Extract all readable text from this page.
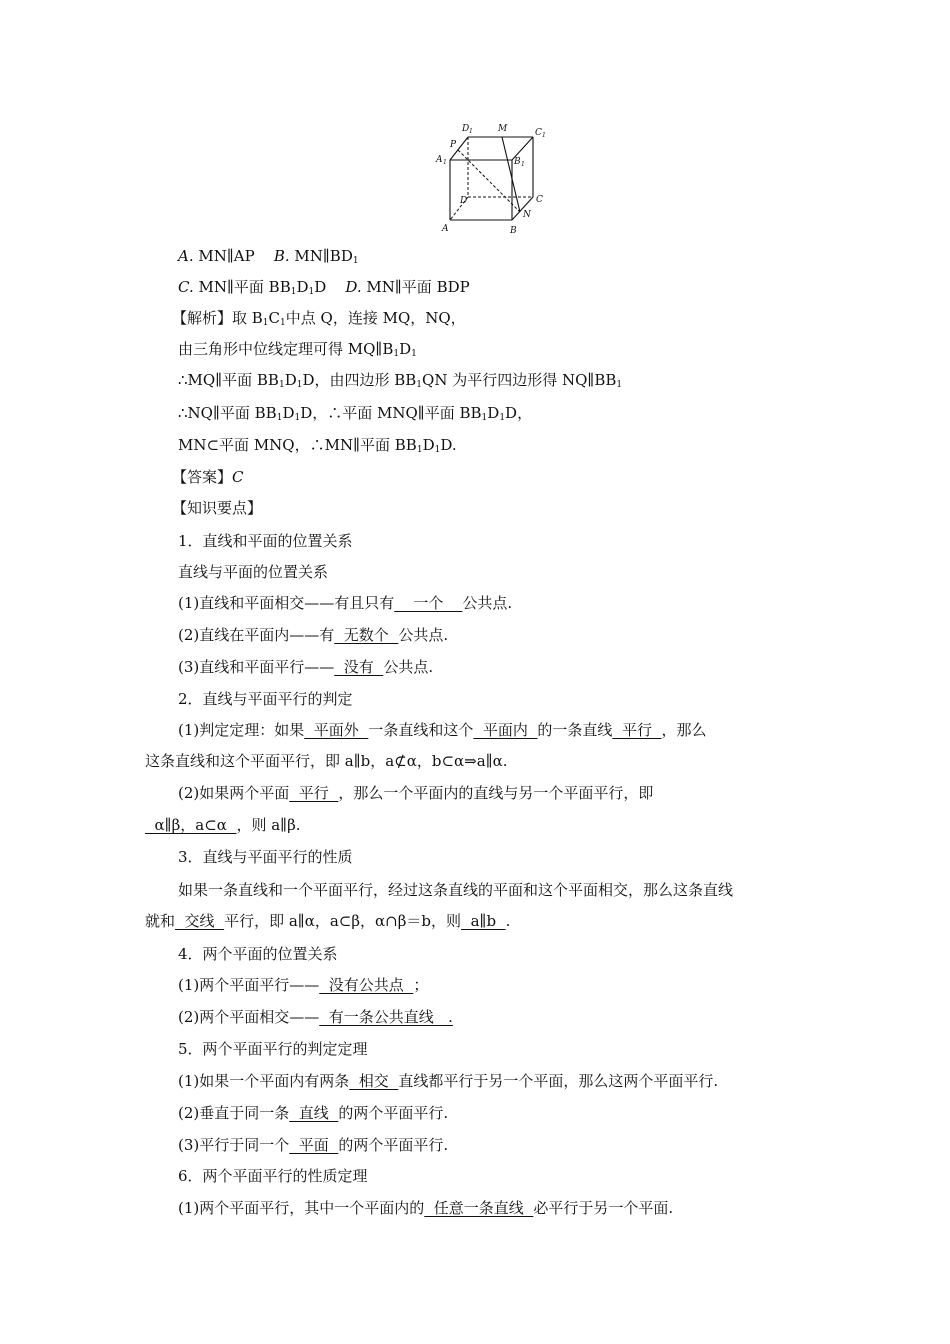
D 1	M	C 1
P
A 1	B 1
D	C
N
A	B
A. MN∥AP B. $MN\parallel BD_1$
C. MN∥平面 $BB_1D_1D$ D. MN∥平面 BDP
【解析】取 $B_1C_1$中点 Q，连接 MQ，NQ，
由三角形中位线定理可得 $MQ\parallel B_1D_1$
∴MQ∥平面 $BB_1D_1D$，由四边形 $BB_1QN$ 为平行四边形得 $NQ\parallel BB_1$
∴NQ∥平面 $BB_1D_1D$，∴平面 MNQ∥平面 $BB_1D_1D$，
MN⊂平面 MNQ，∴MN∥平面 $BB_1D_1D$.
【答案】C
【知识要点】
1．直线和平面的位置关系
直线与平面的位置关系
(1)直线和平面相交——有且只有    一个    公共点.
(2)直线在平面内——有  无数个  公共点.
(3)直线和平面平行——  没有  公共点.
2．直线与平面平行的判定
(1)判定定理：如果  平面外  一条直线和这个  平面内  的一条直线  平行  ，那么
这条直线和这个平面平行，即 a∥b，a⊄α，b⊂α⇒a∥α.
(2)如果两个平面  平行  ，那么一个平面内的直线与另一个平面平行，即
α∥β，a⊂α  ，则 a∥β.
3．直线与平面平行的性质
如果一条直线和一个平面平行，经过这条直线的平面和这个平面相交，那么这条直线
就和  交线  平行，即 a∥α，a⊂β，α∩β＝b，则  a∥b  .
4．两个平面的位置关系
(1)两个平面平行——  没有公共点  ；
(2)两个平面相交——  有一条公共直线   .
5．两个平面平行的判定定理
(1)如果一个平面内有两条  相交  直线都平行于另一个平面，那么这两个平面平行.
(2)垂直于同一条  直线  的两个平面平行.
(3)平行于同一个  平面  的两个平面平行.
6．两个平面平行的性质定理
(1)两个平面平行，其中一个平面内的  任意一条直线  必平行于另一个平面.
